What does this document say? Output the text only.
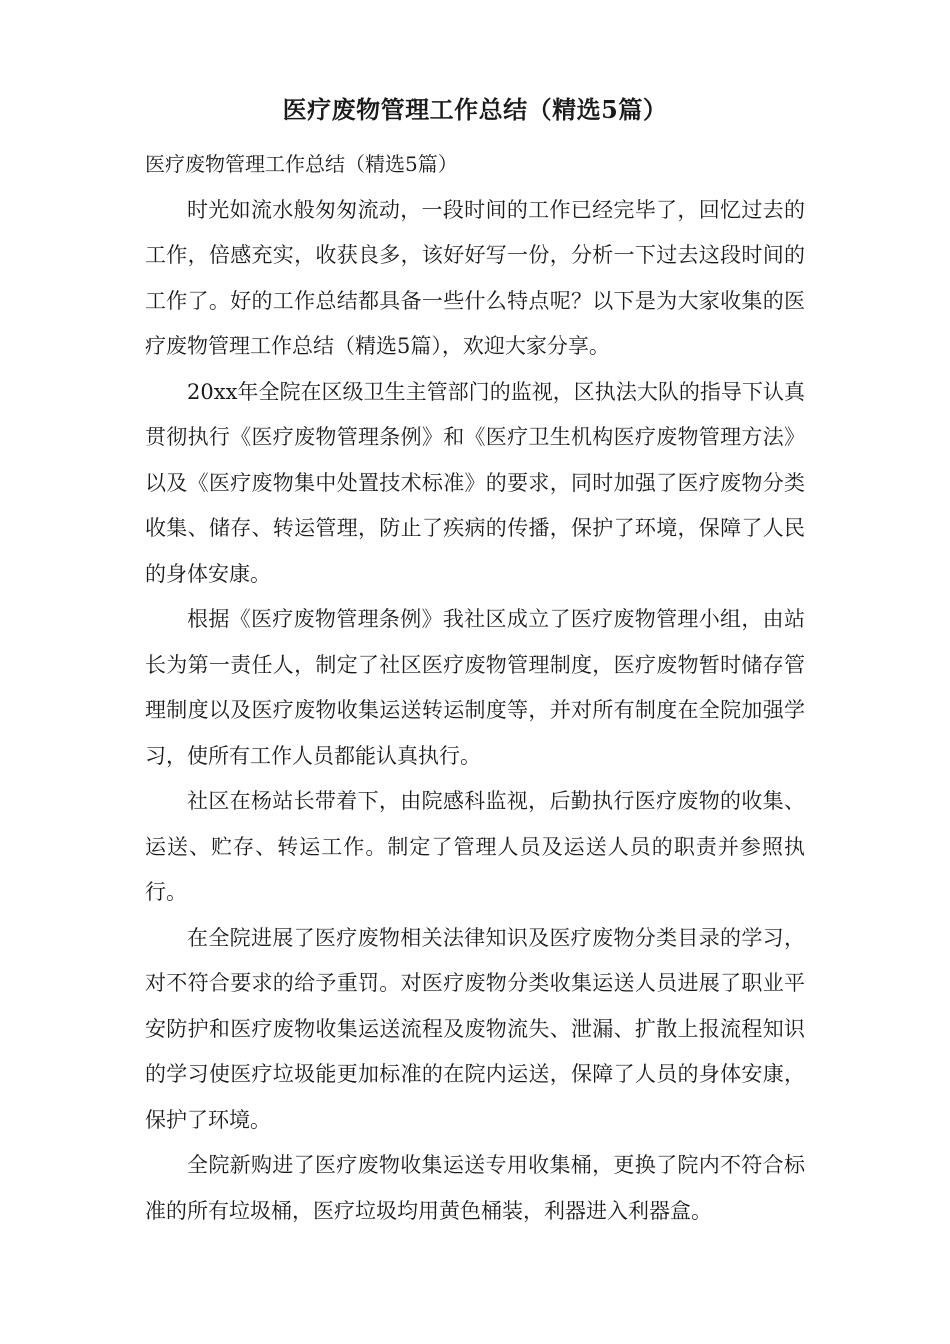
医疗废物管理工作总结（精选5篇）

医疗废物管理工作总结（精选5篇）

时光如流水般匆匆流动，一段时间的工作已经完毕了，回忆过去的工作，倍感充实，收获良多，该好好写一份，分析一下过去这段时间的工作了。好的工作总结都具备一些什么特点呢？以下是为大家收集的医疗废物管理工作总结（精选5篇），欢迎大家分享。

20xx年全院在区级卫生主管部门的监视，区执法大队的指导下认真贯彻执行《医疗废物管理条例》和《医疗卫生机构医疗废物管理方法》以及《医疗废物集中处置技术标准》的要求，同时加强了医疗废物分类收集、储存、转运管理，防止了疾病的传播，保护了环境，保障了人民的身体安康。

根据《医疗废物管理条例》我社区成立了医疗废物管理小组，由站长为第一责任人，制定了社区医疗废物管理制度，医疗废物暂时储存管理制度以及医疗废物收集运送转运制度等，并对所有制度在全院加强学习，使所有工作人员都能认真执行。

社区在杨站长带着下，由院感科监视，后勤执行医疗废物的收集、运送、贮存、转运工作。制定了管理人员及运送人员的职责并参照执行。

在全院进展了医疗废物相关法律知识及医疗废物分类目录的学习，对不符合要求的给予重罚。对医疗废物分类收集运送人员进展了职业平安防护和医疗废物收集运送流程及废物流失、泄漏、扩散上报流程知识的学习使医疗垃圾能更加标准的在院内运送，保障了人员的身体安康，保护了环境。

全院新购进了医疗废物收集运送专用收集桶，更换了院内不符合标准的所有垃圾桶，医疗垃圾均用黄色桶装，利器进入利器盒。
